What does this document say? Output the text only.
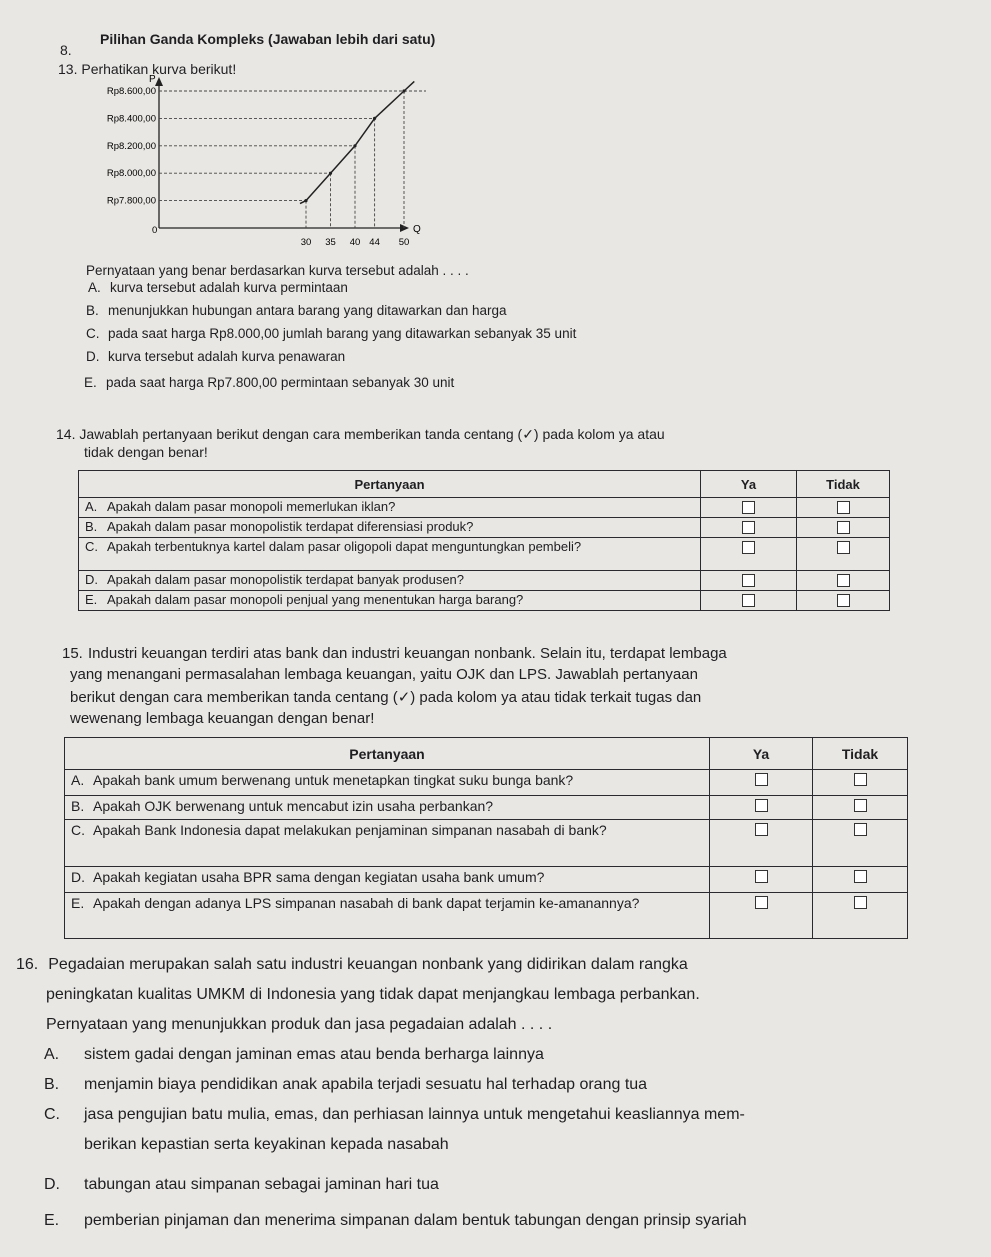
8.
Pilihan Ganda Kompleks (Jawaban lebih dari satu)
13. Perhatikan kurva berikut!
P
Q
Rp7.800,00
Rp8.000,00
Rp8.200,00
Rp8.400,00
Rp8.600,00
0
30 35 40 44 50
Pernyataan yang benar berdasarkan kurva tersebut adalah . . . .
A. kurva tersebut adalah kurva permintaan
B. menunjukkan hubungan antara barang yang ditawarkan dan harga
C. pada saat harga Rp8.000,00 jumlah barang yang ditawarkan sebanyak 35 unit
D. kurva tersebut adalah kurva penawaran
E. pada saat harga Rp7.800,00 permintaan sebanyak 30 unit
14. Jawablah pertanyaan berikut dengan cara memberikan tanda centang (✓) pada kolom ya atau
tidak dengan benar!
Pertanyaan	Ya	Tidak

A. Apakah dalam pasar monopoli memerlukan iklan?		

B. Apakah dalam pasar monopolistik terdapat diferensiasi produk?		

C. Apakah terbentuknya kartel dalam pasar oligopoli dapat menguntungkan pembeli?		

D. Apakah dalam pasar monopolistik terdapat banyak produsen?		

E. Apakah dalam pasar monopoli penjual yang menentukan harga barang?		

15. Industri keuangan terdiri atas bank dan industri keuangan nonbank. Selain itu, terdapat lembaga
yang menangani permasalahan lembaga keuangan, yaitu OJK dan LPS. Jawablah pertanyaan
berikut dengan cara memberikan tanda centang (✓) pada kolom ya atau tidak terkait tugas dan
wewenang lembaga keuangan dengan benar!
Pertanyaan	Ya	Tidak

A. Apakah bank umum berwenang untuk menetapkan tingkat suku bunga bank?		

B. Apakah OJK berwenang untuk mencabut izin usaha perbankan?		

C. Apakah Bank Indonesia dapat melakukan penjaminan simpanan nasabah di bank?		

D. Apakah kegiatan usaha BPR sama dengan kegiatan usaha bank umum?		

E. Apakah dengan adanya LPS simpanan nasabah di bank dapat terjamin ke-amanannya?		

16. Pegadaian merupakan salah satu industri keuangan nonbank yang didirikan dalam rangka
peningkatan kualitas UMKM di Indonesia yang tidak dapat menjangkau lembaga perbankan.
Pernyataan yang menunjukkan produk dan jasa pegadaian adalah . . . .
A. sistem gadai dengan jaminan emas atau benda berharga lainnya
B. menjamin biaya pendidikan anak apabila terjadi sesuatu hal terhadap orang tua
C. jasa pengujian batu mulia, emas, dan perhiasan lainnya untuk mengetahui keasliannya mem-
berikan kepastian serta keyakinan kepada nasabah
D. tabungan atau simpanan sebagai jaminan hari tua
E. pemberian pinjaman dan menerima simpanan dalam bentuk tabungan dengan prinsip syariah
